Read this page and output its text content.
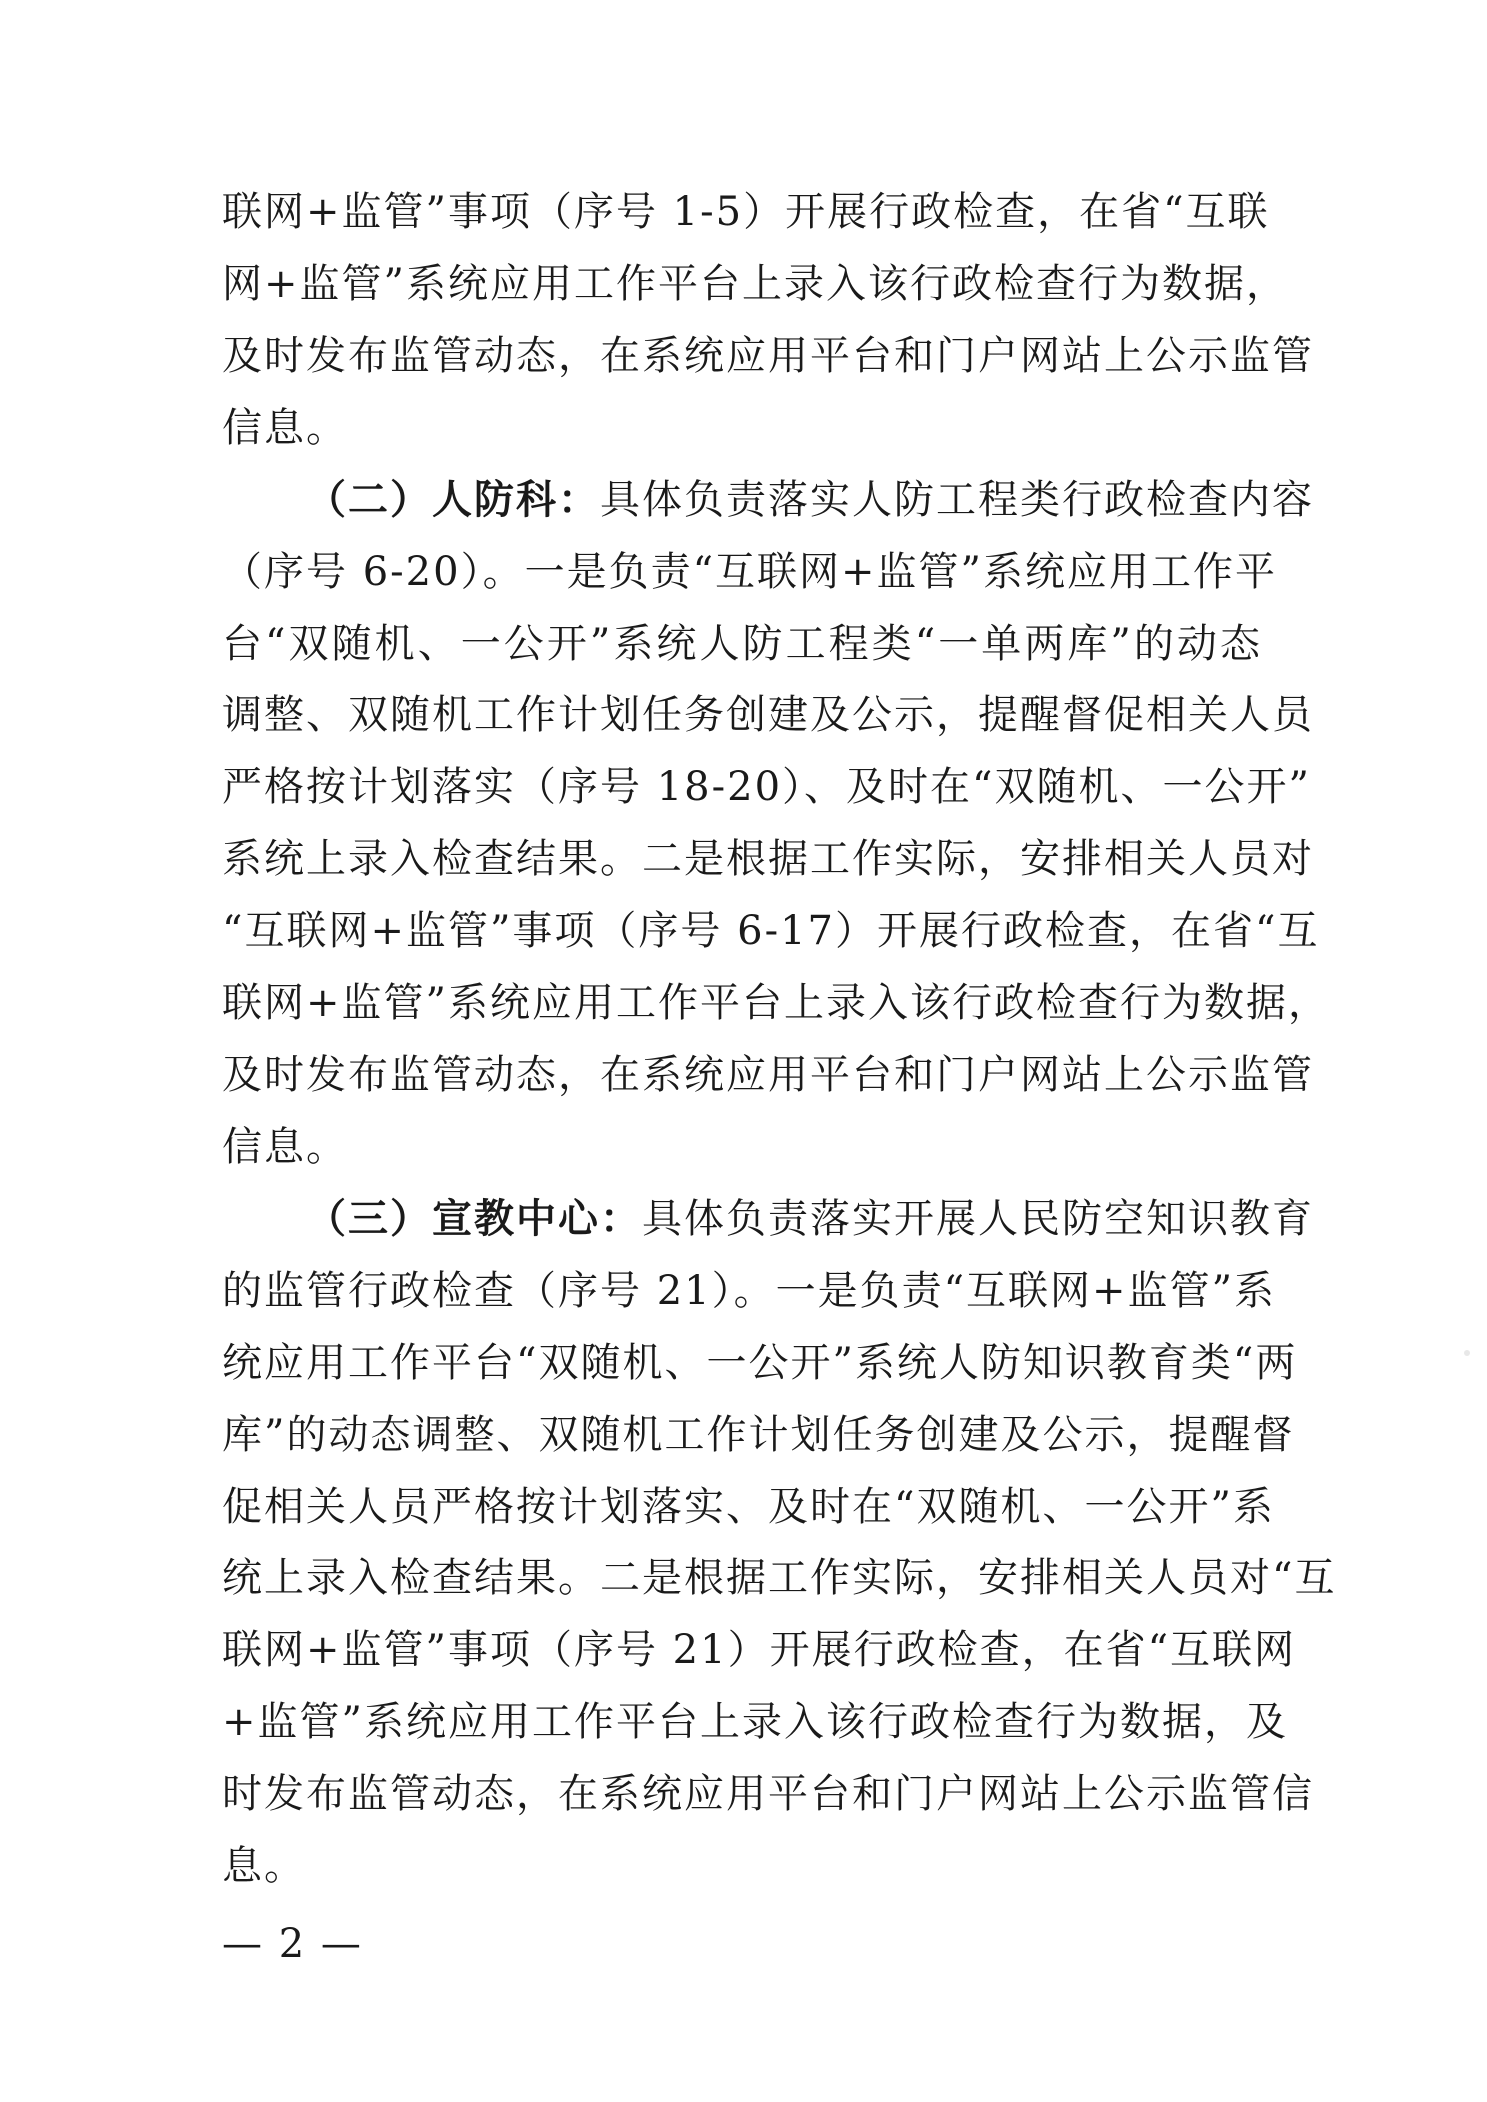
联网+监管”事项（序号 1-5）开展行政检查，在省“互联
网+监管”系统应用工作平台上录入该行政检查行为数据，
及时发布监管动态，在系统应用平台和门户网站上公示监管
信息。
（二）人防科：具体负责落实人防工程类行政检查内容
（序号 6-20）。一是负责“互联网+监管”系统应用工作平
台“双随机、一公开”系统人防工程类“一单两库”的动态
调整、双随机工作计划任务创建及公示，提醒督促相关人员
严格按计划落实（序号 18-20）、及时在“双随机、一公开”
系统上录入检查结果。二是根据工作实际，安排相关人员对
“互联网+监管”事项（序号 6-17）开展行政检查，在省“互
联网+监管”系统应用工作平台上录入该行政检查行为数据，
及时发布监管动态，在系统应用平台和门户网站上公示监管
信息。
（三）宣教中心：具体负责落实开展人民防空知识教育
的监管行政检查（序号 21）。一是负责“互联网+监管”系
统应用工作平台“双随机、一公开”系统人防知识教育类“两
库”的动态调整、双随机工作计划任务创建及公示，提醒督
促相关人员严格按计划落实、及时在“双随机、一公开”系
统上录入检查结果。二是根据工作实际，安排相关人员对“互
联网+监管”事项（序号 21）开展行政检查，在省“互联网
+监管”系统应用工作平台上录入该行政检查行为数据，及
时发布监管动态，在系统应用平台和门户网站上公示监管信
息。
— 2 —
